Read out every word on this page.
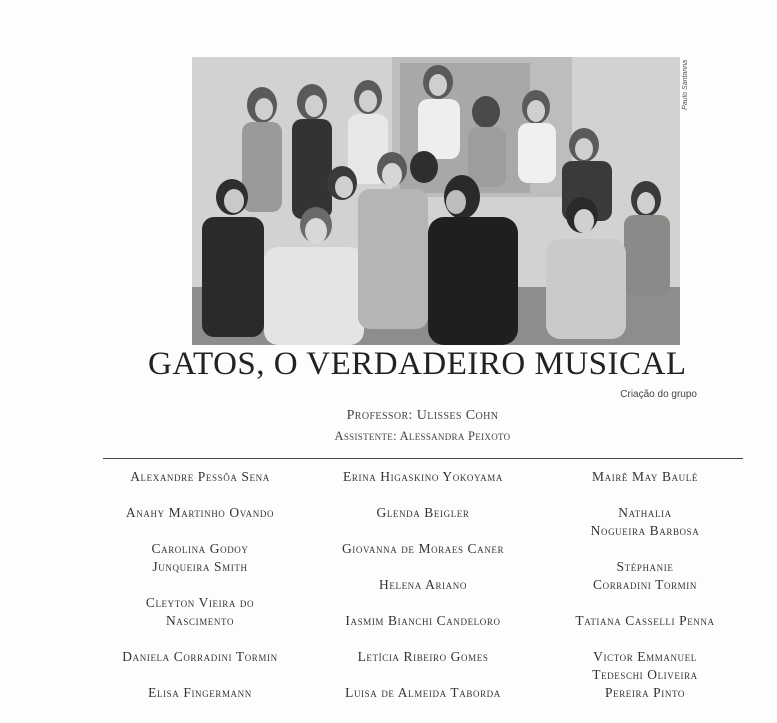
Paulo Santanna
GATOS, O VERDADEIRO MUSICAL
Criação do grupo
Professor: Ulisses Cohn
Assistente: Alessandra Peixoto
Alexandre Pessôa Sena
Anahy Martinho Ovando
Carolina Godoy
Junqueira Smith
Cleyton Vieira do
Nascimento
Daniela Corradini Tormin
Elisa Fingermann
Erina Higaskino Yokoyama
Glenda Beigler
Giovanna de Moraes Caner
Helena Ariano
Iasmim Bianchi Candeloro
Letícia Ribeiro Gomes
Luisa de Almeida Taborda
Mairê May Baulé
Nathalia
Nogueira Barbosa
Stéphanie
Corradini Tormin
Tatiana Casselli Penna
Victor Emmanuel
Tedeschi Oliveira
Pereira Pinto
